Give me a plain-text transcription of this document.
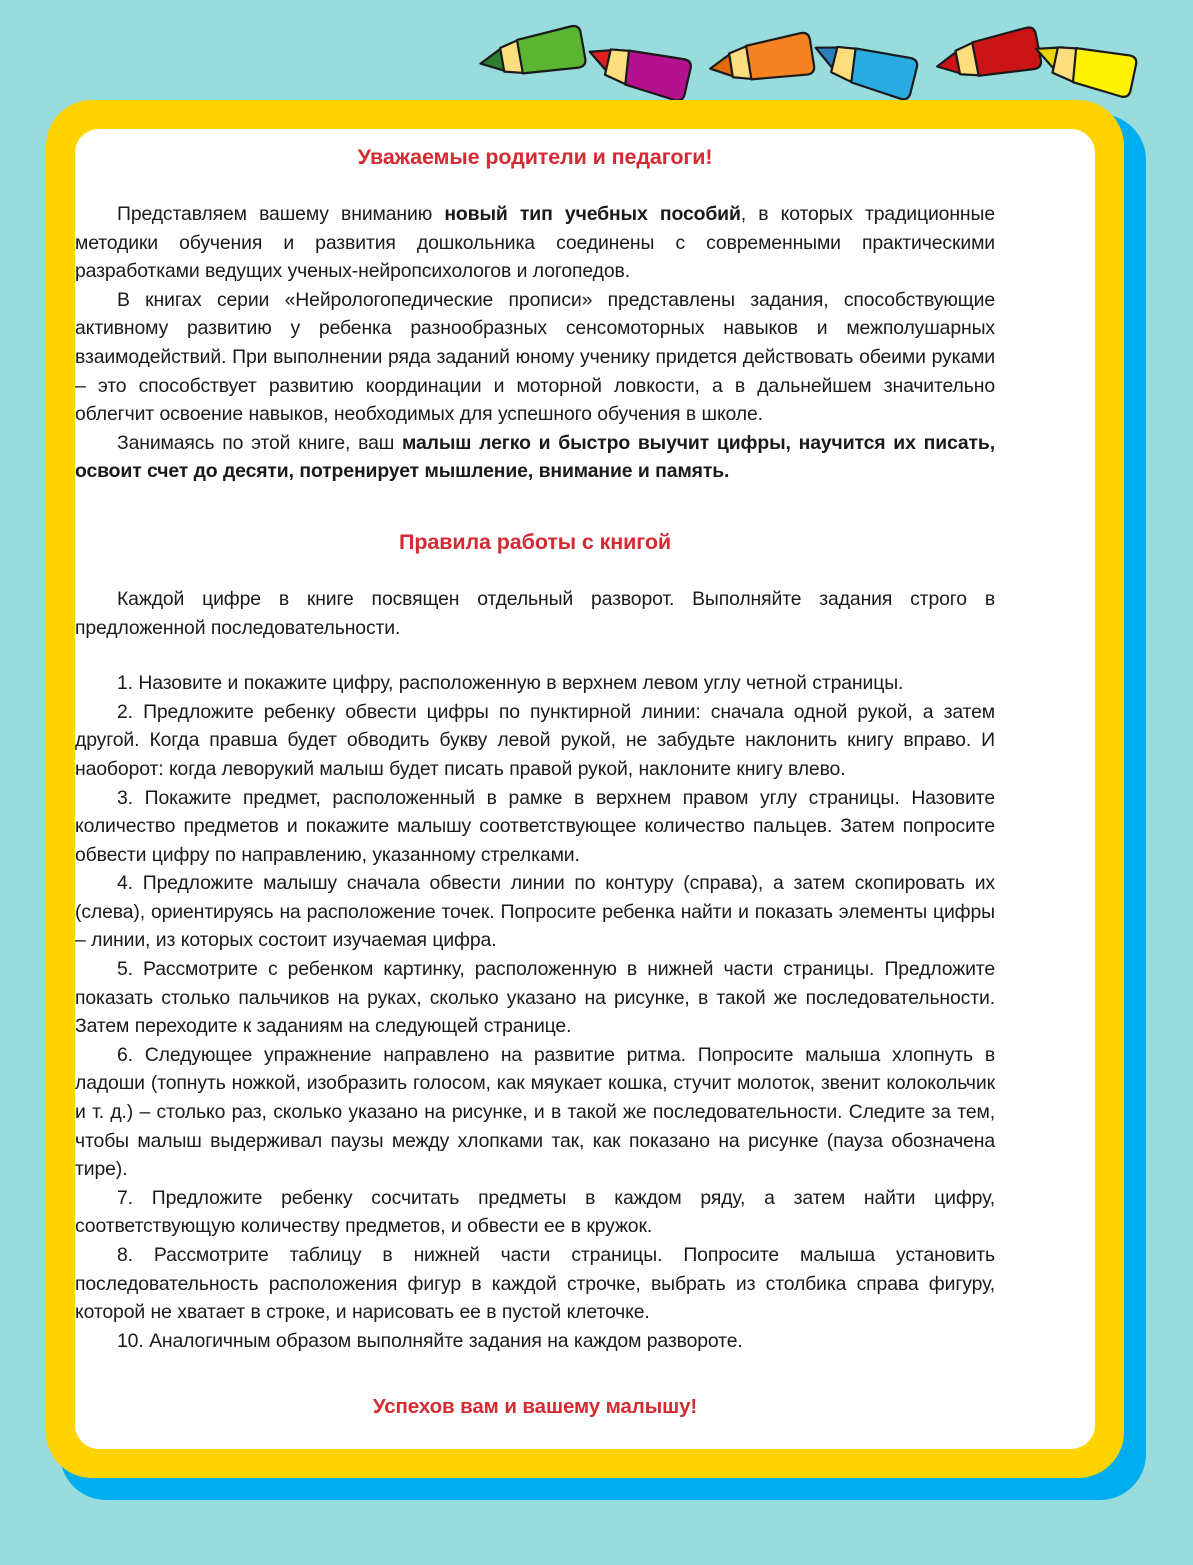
Уважаемые родители и педагоги!

Представляем вашему вниманию новый тип учебных пособий, в которых традиционные методики обучения и развития дошкольника соединены с современными практическими разработками ведущих ученых-нейропсихологов и логопедов.

В книгах серии «Нейрологопедические прописи» представлены задания, способствующие активному развитию у ребенка разнообразных сенсомоторных навыков и межполушарных взаимодействий. При выполнении ряда заданий юному ученику придется действовать обеими руками – это способствует развитию координации и моторной ловкости, а в дальнейшем значительно облегчит освоение навыков, необходимых для успешного обучения в школе.

Занимаясь по этой книге, ваш малыш легко и быстро выучит цифры, научится их писать, освоит счет до десяти, потренирует мышление, внимание и память.

Правила работы с книгой

Каждой цифре в книге посвящен отдельный разворот. Выполняйте задания строго в предложенной последовательности.

1. Назовите и покажите цифру, расположенную в верхнем левом углу четной страницы.

2. Предложите ребенку обвести цифры по пунктирной линии: сначала одной рукой, а затем другой. Когда правша будет обводить букву левой рукой, не забудьте наклонить книгу вправо. И наоборот: когда леворукий малыш будет писать правой рукой, наклоните книгу влево.

3. Покажите предмет, расположенный в рамке в верхнем правом углу страницы. Назовите количество предметов и покажите малышу соответствующее количество пальцев. Затем попросите обвести цифру по направлению, указанному стрелками.

4. Предложите малышу сначала обвести линии по контуру (справа), а затем скопировать их (слева), ориентируясь на расположение точек. Попросите ребенка найти и показать элементы цифры – линии, из которых состоит изучаемая цифра.

5. Рассмотрите с ребенком картинку, расположенную в нижней части страницы. Предложите показать столько пальчиков на руках, сколько указано на рисунке, в такой же последовательности. Затем переходите к заданиям на следующей странице.

6. Следующее упражнение направлено на развитие ритма. Попросите малыша хлопнуть в ладоши (топнуть ножкой, изобразить голосом, как мяукает кошка, стучит молоток, звенит колокольчик и т. д.) – столько раз, сколько указано на рисунке, и в такой же последовательности. Следите за тем, чтобы малыш выдерживал паузы между хлопками так, как показано на рисунке (пауза обозначена тире).

7. Предложите ребенку сосчитать предметы в каждом ряду, а затем найти цифру, соответствующую количеству предметов, и обвести ее в кружок.

8. Рассмотрите таблицу в нижней части страницы. Попросите малыша установить последовательность расположения фигур в каждой строчке, выбрать из столбика справа фигуру, которой не хватает в строке, и нарисовать ее в пустой клеточке.

10. Аналогичным образом выполняйте задания на каждом развороте.

Успехов вам и вашему малышу!
